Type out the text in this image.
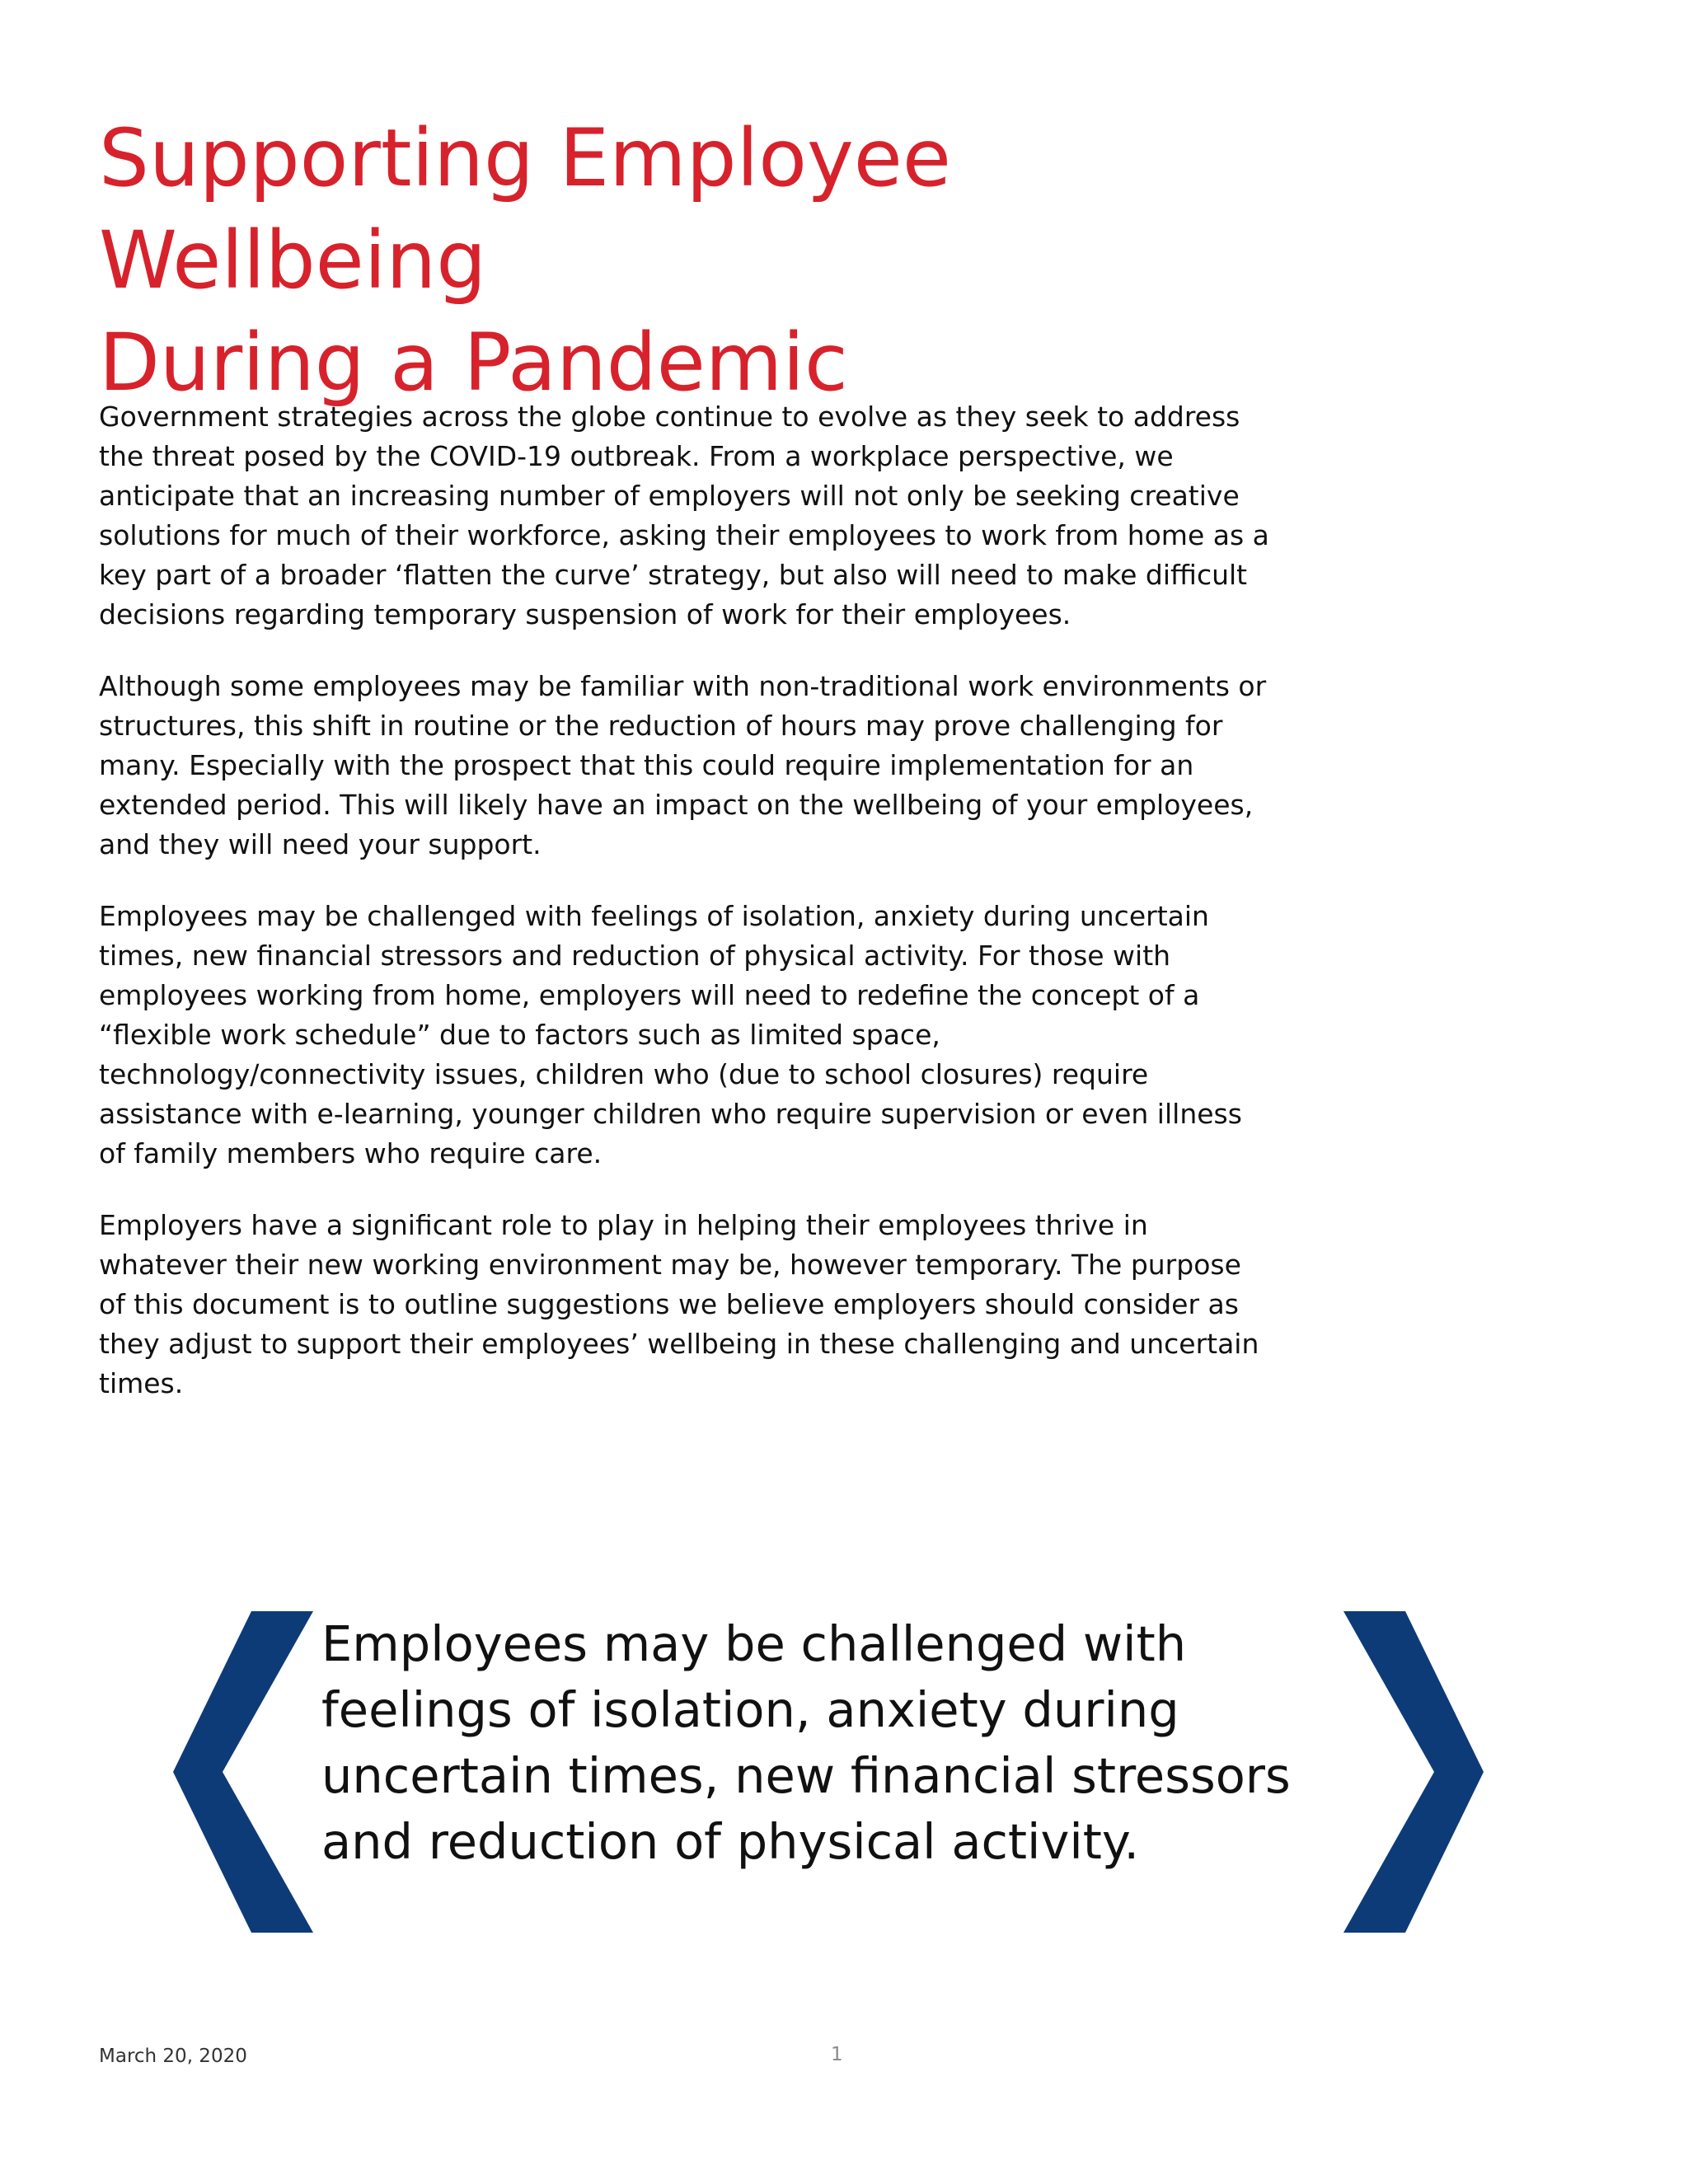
Supporting Employee Wellbeing
During a Pandemic

Government strategies across the globe continue to evolve as they seek to address the threat posed by the COVID-19 outbreak. From a workplace perspective, we anticipate that an increasing number of employers will not only be seeking creative solutions for much of their workforce, asking their employees to work from home as a key part of a broader ‘flatten the curve’ strategy, but also will need to make difficult decisions regarding temporary suspension of work for their employees.

Although some employees may be familiar with non-traditional work environments or structures, this shift in routine or the reduction of hours may prove challenging for many. Especially with the prospect that this could require implementation for an extended period. This will likely have an impact on the wellbeing of your employees, and they will need your support.

Employees may be challenged with feelings of isolation, anxiety during uncertain times, new financial stressors and reduction of physical activity. For those with employees working from home, employers will need to redefine the concept of a “flexible work schedule” due to factors such as limited space, technology/connectivity issues, children who (due to school closures) require assistance with e-learning, younger children who require supervision or even illness of family members who require care.

Employers have a significant role to play in helping their employees thrive in whatever their new working environment may be, however temporary. The purpose of this document is to outline suggestions we believe employers should consider as they adjust to support their employees’ wellbeing in these challenging and uncertain times.

Employees may be challenged with feelings of isolation, anxiety during uncertain times, new financial stressors and reduction of physical activity.

March 20, 2020	1
